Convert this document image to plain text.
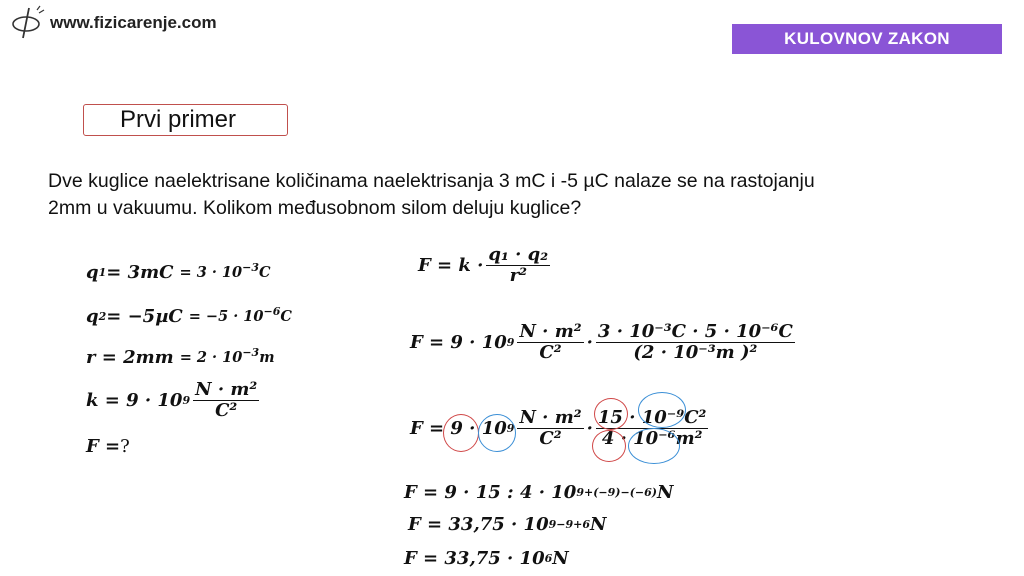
www.fizicarenje.com
KULOVNOV ZAKON
Prvi primer
Dve kuglice naelektrisane količinama naelektrisanja 3 mC i -5 µC nalaze se na rastojanju
2mm u vakuumu. Kolikom međusobnom silom deluju kuglice?
q $1 = 3mC = 3 \cdot 10^{-3}C$
q $2 = -5\mu C = -5 \cdot 10^{-6}C$
$r = 2mm = 2 \cdot 10^{-3}m$
k = 9 · 10 $9 \frac{\text{N · m²}}{\text{C²}}$
F = ?
$F = k \cdot \frac{\text{q₁ · q₂}}{\text{r²}}$
F = 9 · 10 $9 \frac{\text{N · m²}}{\text{C²}} \cdot \frac{\text{3 · 10⁻³C · 5 · 10⁻⁶C}}{\text{(2 · 10⁻³m )²}}$
F = 9 · 10 $9 \frac{\text{N · m²}}{\text{C²}} \cdot \frac{\text{15 · 10⁻⁹C²}}{\text{4 · 10⁻⁶m²}}$
F = 9 · 15 : 4 · 10 9+(−9)−(−6) N
F = 33,75 · 10 9−9+6 N
F = 33,75 · 10 6 N
